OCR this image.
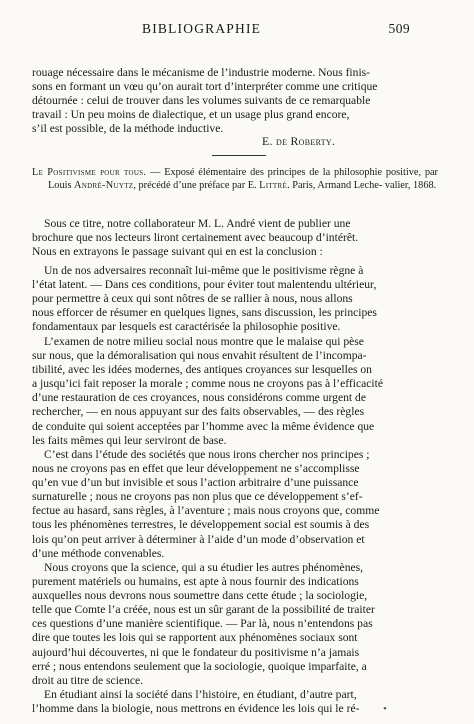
BIBLIOGRAPHIE	509
rouage nécessaire dans le mécanisme de l’industrie moderne. Nous finis-
sons en formant un vœu qu’on aurait tort d’interpréter comme une critique
détournée : celui de trouver dans les volumes suivants de ce remarquable
travail : Un peu moins de dialectique, et un usage plus grand encore,
s’il est possible, de la méthode inductive.
E. de Roberty.
Le Positivisme pour tous. — Exposé élémentaire des principes de la philosophie positive, par Louis André-Nuytz, précédé d’une préface par E. Littré. Paris, Armand Leche- valier, 1868.
Sous ce titre, notre collaborateur M. L. André vient de publier une
brochure que nos lecteurs liront certainement avec beaucoup d’intérêt.
Nous en extrayons le passage suivant qui en est la conclusion :
Un de nos adversaires reconnaît lui-même que le positivisme règne à
l’état latent. — Dans ces conditions, pour éviter tout malentendu ultérieur,
pour permettre à ceux qui sont nôtres de se rallier à nous, nous allons
nous efforcer de résumer en quelques lignes, sans discussion, les principes
fondamentaux par lesquels est caractérisée la philosophie positive.
L’examen de notre milieu social nous montre que le malaise qui pèse
sur nous, que la démoralisation qui nous envahit résultent de l’incompa-
tibilité, avec les idées modernes, des antiques croyances sur lesquelles on
a jusqu’ici fait reposer la morale ; comme nous ne croyons pas à l’efficacité
d’une restauration de ces croyances, nous considérons comme urgent de
rechercher, — en nous appuyant sur des faits observables, — des règles
de conduite qui soient acceptées par l’homme avec la même évidence que
les faits mêmes qui leur serviront de base.
C’est dans l’étude des sociétés que nous irons chercher nos principes ;
nous ne croyons pas en effet que leur développement ne s’accomplisse
qu’en vue d’un but invisible et sous l’action arbitraire d’une puissance
surnaturelle ; nous ne croyons pas non plus que ce développement s’ef-
fectue au hasard, sans règles, à l’aventure ; mais nous croyons que, comme
tous les phénomènes terrestres, le développement social est soumis à des
lois qu’on peut arriver à déterminer à l’aide d’un mode d’observation et
d’une méthode convenables.
Nous croyons que la science, qui a su étudier les autres phénomènes,
purement matériels ou humains, est apte à nous fournir des indications
auxquelles nous devrons nous soumettre dans cette étude ; la sociologie,
telle que Comte l’a créée, nous est un sûr garant de la possibilité de traiter
ces questions d’une manière scientifique. — Par là, nous n’entendons pas
dire que toutes les lois qui se rapportent aux phénomènes sociaux sont
aujourd’hui découvertes, ni que le fondateur du positivisme n’a jamais
erré ; nous entendons seulement que la sociologie, quoique imparfaite, a
droit au titre de science.
En étudiant ainsi la société dans l’histoire, en étudiant, d’autre part,
l’homme dans la biologie, nous mettrons en évidence les lois qui le ré-	•
